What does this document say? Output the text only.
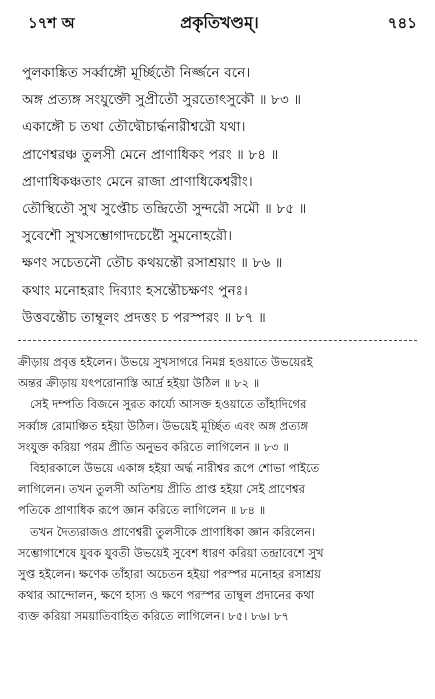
১৭শ অ	প্রকৃতিখণ্ডম্।	৭৪১
পুলকাঙ্কিত সর্ব্বাঙ্গৌ মূর্চ্ছিতৌ নির্জ্জনে বনে।
অঙ্গ প্রত্যঙ্গ সংযুক্তৌ সুপ্রীতৌ সুরতোৎসুকৌ ॥ ৮৩ ॥
একাঙ্গৌ চ তথা তৌদ্বৌচার্দ্ধনারীশ্বরৌ যথা।
প্রাণেশ্বরঞ্চ তুলসী মেনে প্রাণাধিকং পরং ॥ ৮৪ ॥
প্রাণাধিকঞ্চতাং মেনে রাজা প্রাণাধিকেশ্বরীং।
তৌস্থিতৌ সুখ সুপ্তৌচ তন্দ্রিতৌ সুন্দরৌ সমৌ ॥ ৮৫ ॥
সুবেশৌ সুখসম্ভোগাদচেষ্টৌ সুমনোহরৌ।
ক্ষণং সচেতনৌ তৌচ কথয়ন্তৌ রসাশ্রয়াং ॥ ৮৬ ॥
কথাং মনোহরাং দিব্যাং হসন্তৌচক্ষণং পুনঃ।
উত্তবন্তৌচ তাম্বূলং প্রদত্তং চ পরস্পরং ॥ ৮৭ ॥
ক্রীড়ায় প্রবৃত্ত হইলেন। উভয়ে সুখসাগরে নিমগ্ন হওয়াতে উভয়েরই
অন্তর ক্রীড়ায় যৎপরোনাস্তি আর্দ্র হইয়া উঠিল ॥ ৮২ ॥
সেই দম্পতি বিজনে সুরত কার্য্যে আসক্ত হওয়াতে তাঁহাদিগের
সর্ব্বাঙ্গ রোমাঞ্চিত হইয়া উঠিল। উভয়েই মূর্চ্ছিত এবং অঙ্গ প্রত্যঙ্গ
সংযুক্ত করিয়া পরম প্রীতি অনুভব করিতে লাগিলেন ॥ ৮৩ ॥
বিহারকালে উভয়ে একাঙ্গ হইয়া অর্দ্ধ নারীশ্বর রূপে শোভা পাইতে
লাগিলেন। তখন তুলসী অতিশয় প্রীতি প্রাপ্ত হইয়া সেই প্রাণেশ্বর
পতিকে প্রাণাধিক রূপে জ্ঞান করিতে লাগিলেন ॥ ৮৪ ॥
তখন দৈত্যরাজও প্রাণেশ্বরী তুলসীকে প্রাণাধিকা জ্ঞান করিলেন।
সম্ভোগাশেষে যুবক যুবতী উভয়েই সুবেশ ধারণ করিয়া তন্দ্রাবেশে সুখ
সুপ্ত হইলেন। ক্ষণেক তাঁহারা অচেতন হইয়া পরস্পর মনোহর রসাশ্রয়
কথার আন্দোলন, ক্ষণে হাস্য ও ক্ষণে পরস্পর তাম্বূল প্রদানের কথা
ব্যক্ত করিয়া সময়াতিবাহিত করিতে লাগিলেন। ৮৫। ৮৬। ৮৭
